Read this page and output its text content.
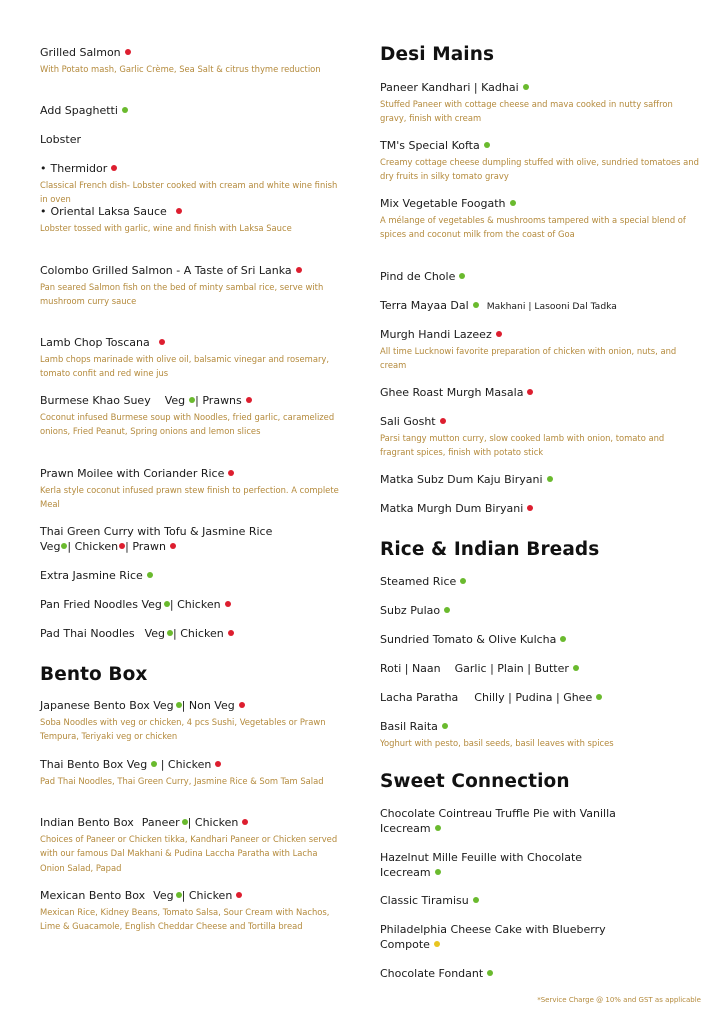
Grilled Salmon
With Potato mash, Garlic Crème, Sea Salt & citrus thyme reduction
Add Spaghetti
Lobster
• Thermidor
Classical French dish- Lobster cooked with cream and white wine finish in oven
• Oriental Laksa Sauce
Lobster tossed with garlic, wine and finish with Laksa Sauce
Colombo Grilled Salmon - A Taste of Sri Lanka
Pan seared Salmon fish on the bed of minty sambal rice, serve with mushroom curry sauce
Lamb Chop Toscana
Lamb chops marinade with olive oil, balsamic vinegar and rosemary, tomato confit and red wine jus
Burmese Khao Suey Veg | Prawns
Coconut infused Burmese soup with Noodles, fried garlic, caramelized onions, Fried Peanut, Spring onions and lemon slices
Prawn Moilee with Coriander Rice
Kerla style coconut infused prawn stew finish to perfection. A complete Meal
Thai Green Curry with Tofu & Jasmine Rice
Veg | Chicken | Prawn
Extra Jasmine Rice
Pan Fried Noodles Veg | Chicken
Pad Thai Noodles Veg | Chicken
Bento Box
Japanese Bento Box Veg | Non Veg
Soba Noodles with veg or chicken, 4 pcs Sushi, Vegetables or Prawn Tempura, Teriyaki veg or chicken
Thai Bento Box Veg | Chicken
Pad Thai Noodles, Thai Green Curry, Jasmine Rice & Som Tam Salad
Indian Bento Box Paneer | Chicken
Choices of Paneer or Chicken tikka, Kandhari Paneer or Chicken served with our famous Dal Makhani & Pudina Laccha Paratha with Lacha Onion Salad, Papad
Mexican Bento Box Veg | Chicken
Mexican Rice, Kidney Beans, Tomato Salsa, Sour Cream with Nachos, Lime & Guacamole, English Cheddar Cheese and Tortilla bread
Desi Mains
Paneer Kandhari | Kadhai
Stuffed Paneer with cottage cheese and mava cooked in nutty saffron gravy, finish with cream
TM's Special Kofta
Creamy cottage cheese dumpling stuffed with olive, sundried tomatoes and dry fruits in silky tomato gravy
Mix Vegetable Foogath
A mélange of vegetables & mushrooms tampered with a special blend of spices and coconut milk from the coast of Goa
Pind de Chole
Terra Mayaa Dal Makhani | Lasooni Dal Tadka
Murgh Handi Lazeez
All time Lucknowi favorite preparation of chicken with onion, nuts, and cream
Ghee Roast Murgh Masala
Sali Gosht
Parsi tangy mutton curry, slow cooked lamb with onion, tomato and fragrant spices, finish with potato stick
Matka Subz Dum Kaju Biryani
Matka Murgh Dum Biryani
Rice & Indian Breads
Steamed Rice
Subz Pulao
Sundried Tomato & Olive Kulcha
Roti | Naan Garlic | Plain | Butter
Lacha Paratha Chilly | Pudina | Ghee
Basil Raita
Yoghurt with pesto, basil seeds, basil leaves with spices
Sweet Connection
Chocolate Cointreau Truffle Pie with Vanilla Icecream
Hazelnut Mille Feuille with Chocolate Icecream
Classic Tiramisu
Philadelphia Cheese Cake with Blueberry Compote
Chocolate Fondant
*Service Charge @ 10% and GST as applicable
